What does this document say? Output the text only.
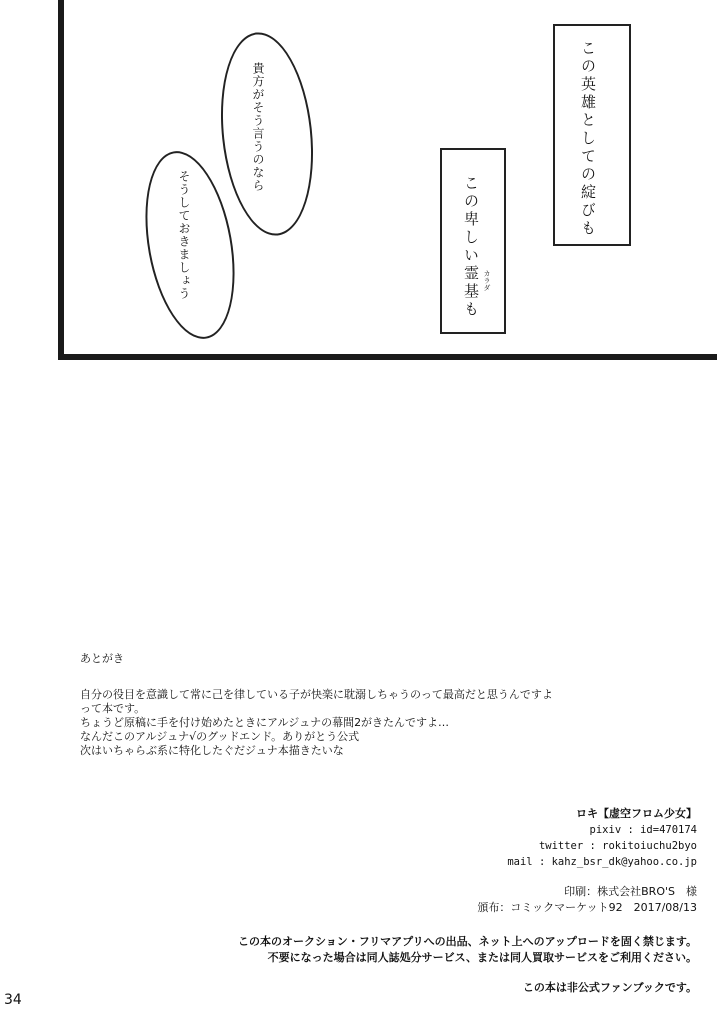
貴方がそう言うのなら
そうしておきましょう	この英雄としての綻びも
この卑しい霊基も カラダ
あとがき
自分の役目を意識して常に己を律している子が快楽に耽溺しちゃうのって最高だと思うんですよ
って本です。
ちょうど原稿に手を付け始めたときにアルジュナの幕間2がきたんですよ…
なんだこのアルジュナ√のグッドエンド。ありがとう公式
次はいちゃらぶ系に特化したぐだジュナ本描きたいな
ロキ【虚空フロム少女】
pixiv : id=470174
twitter : rokitoiuchu2byo
mail : kahz_bsr_dk@yahoo.co.jp
印刷：株式会社BRO'S　様
頒布：コミックマーケット92　2017/08/13
この本のオークション・フリマアプリへの出品、ネット上へのアップロードを固く禁じます。
不要になった場合は同人誌処分サービス、または同人買取サービスをご利用ください。
この本は非公式ファンブックです。
34
